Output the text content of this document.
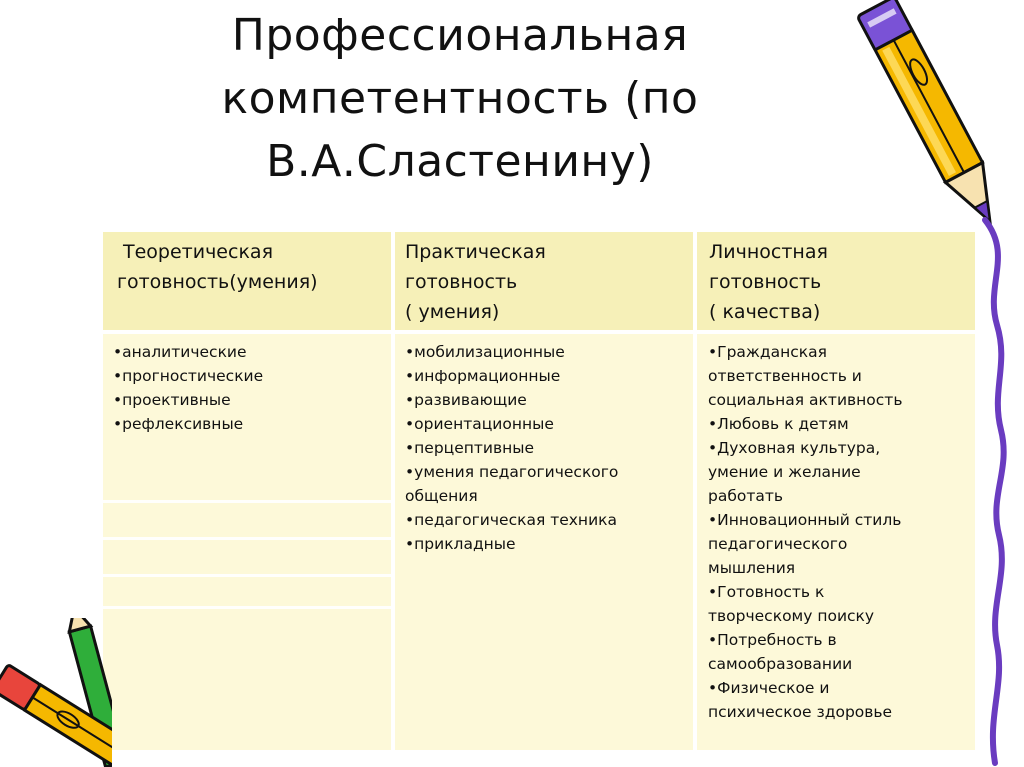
Профессиональная
компетентность (по
В.А.Сластенину)
Теоретическая
готовность(умения)
•аналитические
•прогностические
•проективные
•рефлексивные
Практическая
готовность
( умения)
•мобилизационные
•информационные
•развивающие
•ориентационные
•перцептивные
•умения педагогического
общения
•педагогическая техника
•прикладные
Личностная
готовность
( качества)
•Гражданская
ответственность и
социальная активность
•Любовь к детям
•Духовная культура,
умение и желание
работать
•Инновационный стиль
педагогического
мышления
•Готовность к
творческому поиску
•Потребность в
самообразовании
•Физическое и
психическое здоровье
